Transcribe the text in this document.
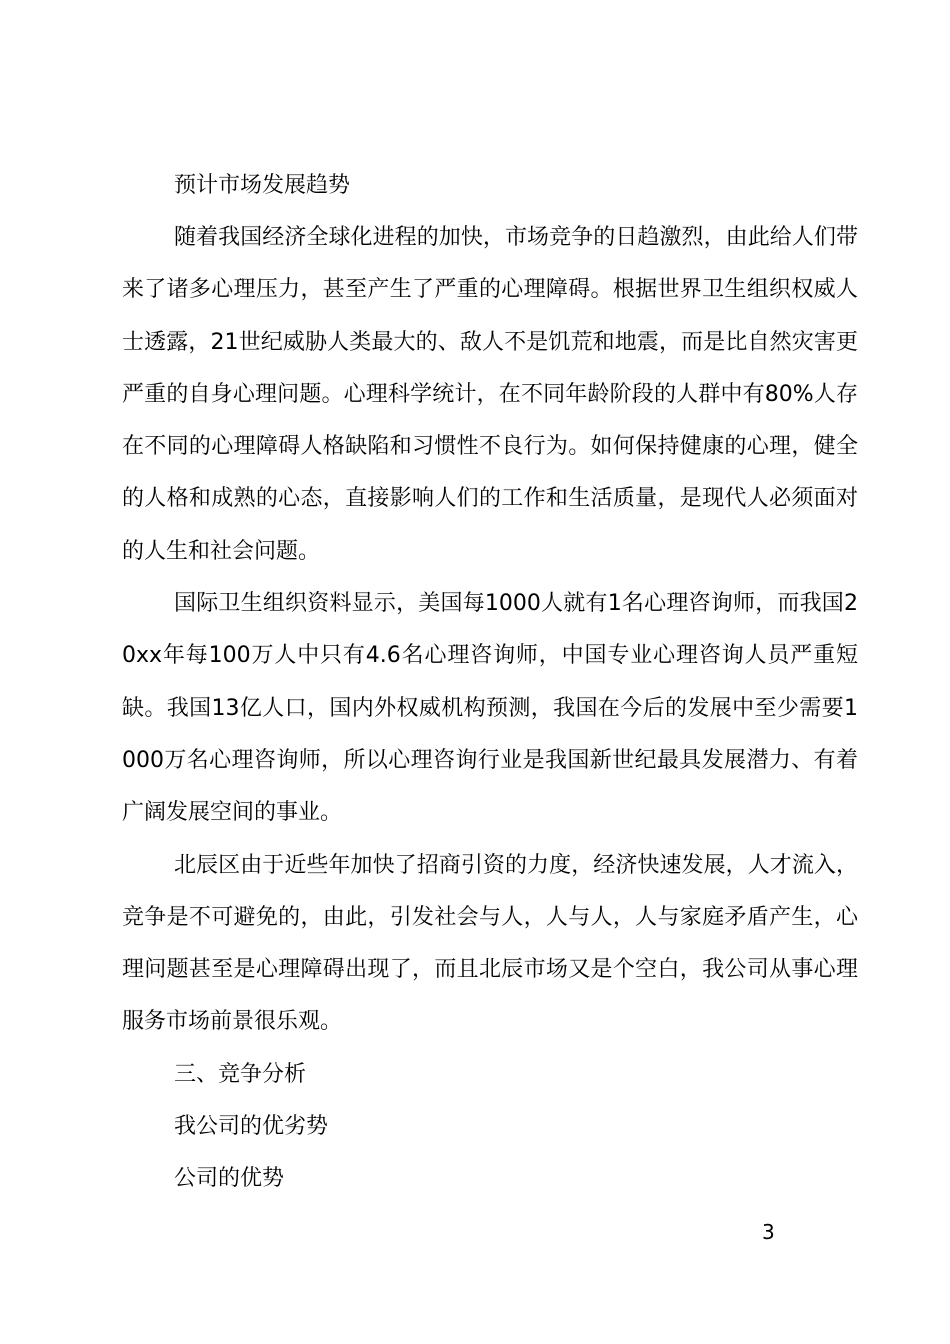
预计市场发展趋势

随着我国经济全球化进程的加快，市场竞争的日趋激烈，由此给人们带来了诸多心理压力，甚至产生了严重的心理障碍。根据世界卫生组织权威人士透露，21世纪威胁人类最大的、敌人不是饥荒和地震，而是比自然灾害更严重的自身心理问题。心理科学统计，在不同年龄阶段的人群中有80%人存在不同的心理障碍人格缺陷和习惯性不良行为。如何保持健康的心理，健全的人格和成熟的心态，直接影响人们的工作和生活质量，是现代人必须面对的人生和社会问题。

国际卫生组织资料显示，美国每1000人就有1名心理咨询师，而我国20xx年每100万人中只有4.6名心理咨询师，中国专业心理咨询人员严重短缺。我国13亿人口，国内外权威机构预测，我国在今后的发展中至少需要1000万名心理咨询师，所以心理咨询行业是我国新世纪最具发展潜力、有着广阔发展空间的事业。

北辰区由于近些年加快了招商引资的力度，经济快速发展，人才流入，竞争是不可避免的，由此，引发社会与人，人与人，人与家庭矛盾产生，心理问题甚至是心理障碍出现了，而且北辰市场又是个空白，我公司从事心理服务市场前景很乐观。

三、竞争分析

我公司的优劣势

公司的优势

3
